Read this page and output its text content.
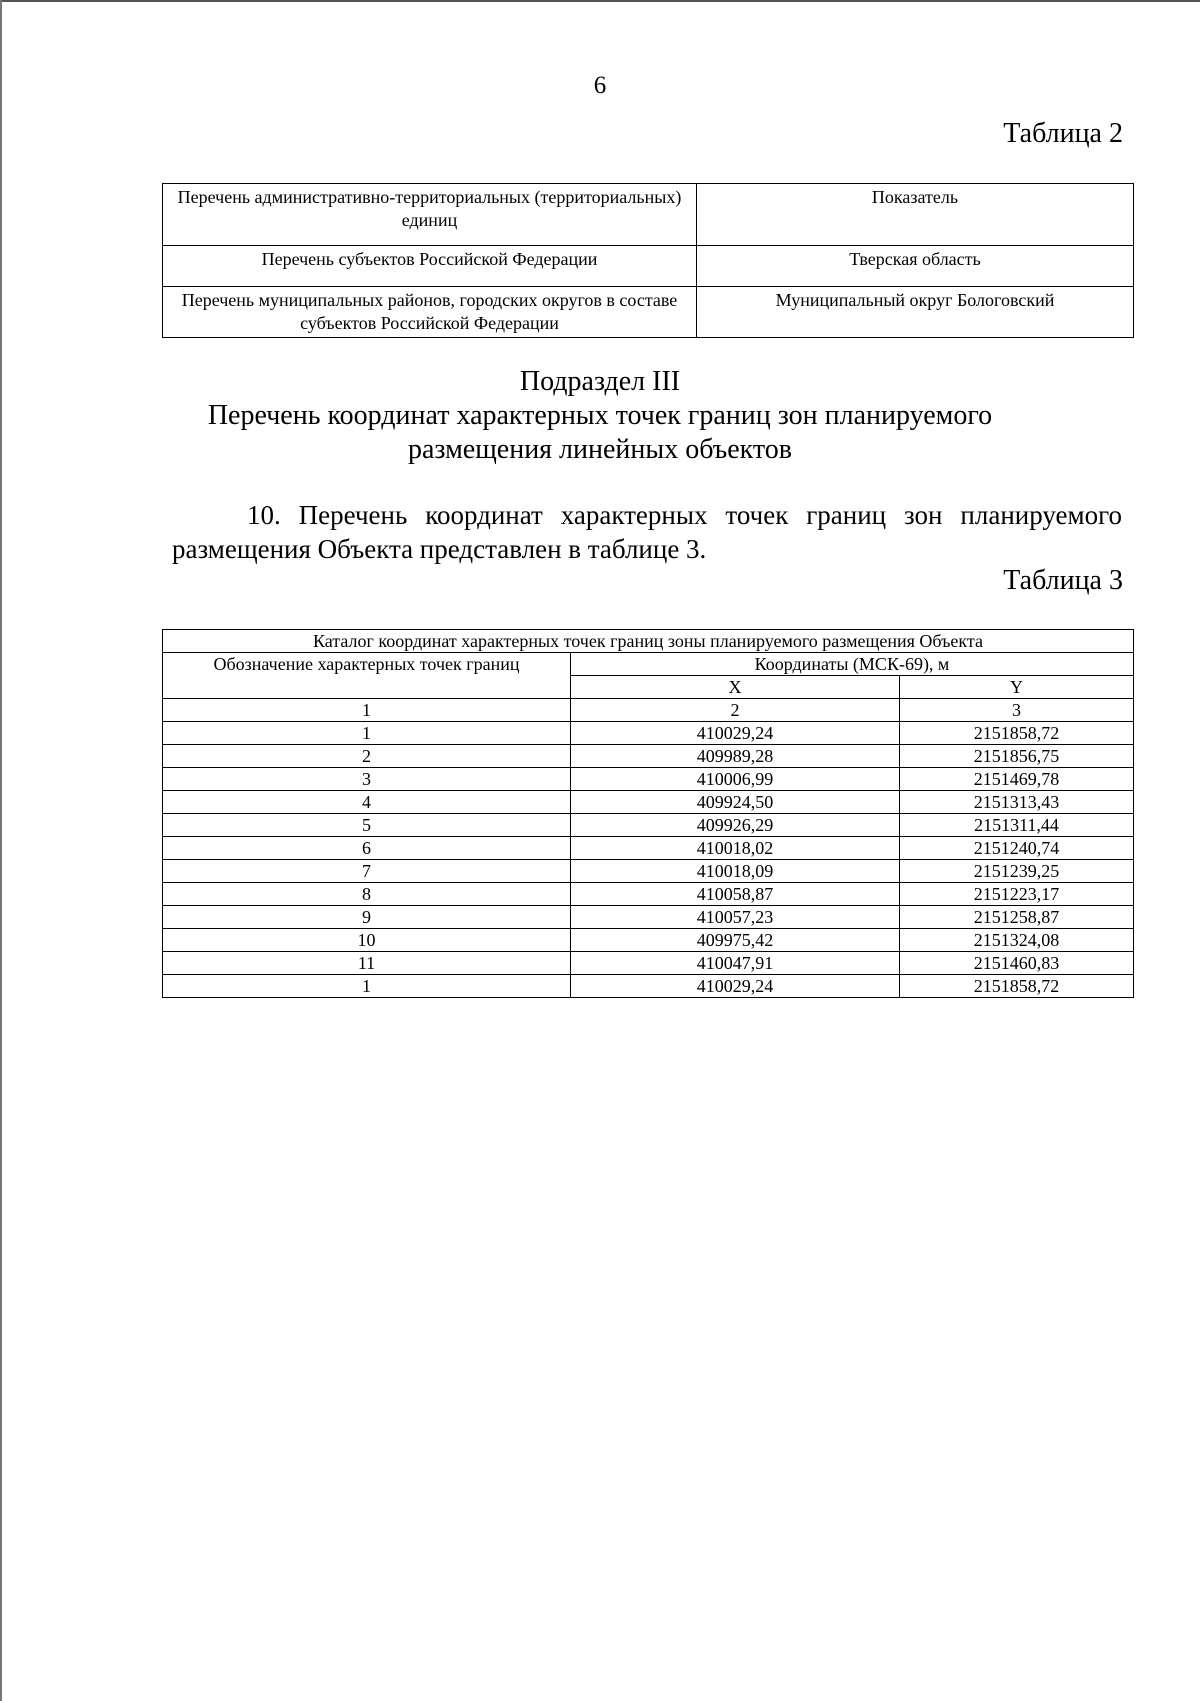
6
Таблица 2
Перечень административно-территориальных (территориальных) единиц	Показатель
Перечень субъектов Российской Федерации	Тверская область
Перечень муниципальных районов, городских округов в составе субъектов Российской Федерации	Муниципальный округ Бологовский
Подраздел III
Перечень координат характерных точек границ зон планируемого
размещения линейных объектов
10. Перечень координат характерных точек границ зон планируемого размещения Объекта представлен в таблице 3.
Таблица 3
Каталог координат характерных точек границ зоны планируемого размещения Объекта		
Обозначение характерных точек границ	Координаты (МСК-69), м	
	X	Y
1	2	3
1	410029,24	2151858,72
2	409989,28	2151856,75
3	410006,99	2151469,78
4	409924,50	2151313,43
5	409926,29	2151311,44
6	410018,02	2151240,74
7	410018,09	2151239,25
8	410058,87	2151223,17
9	410057,23	2151258,87
10	409975,42	2151324,08
11	410047,91	2151460,83
1	410029,24	2151858,72
